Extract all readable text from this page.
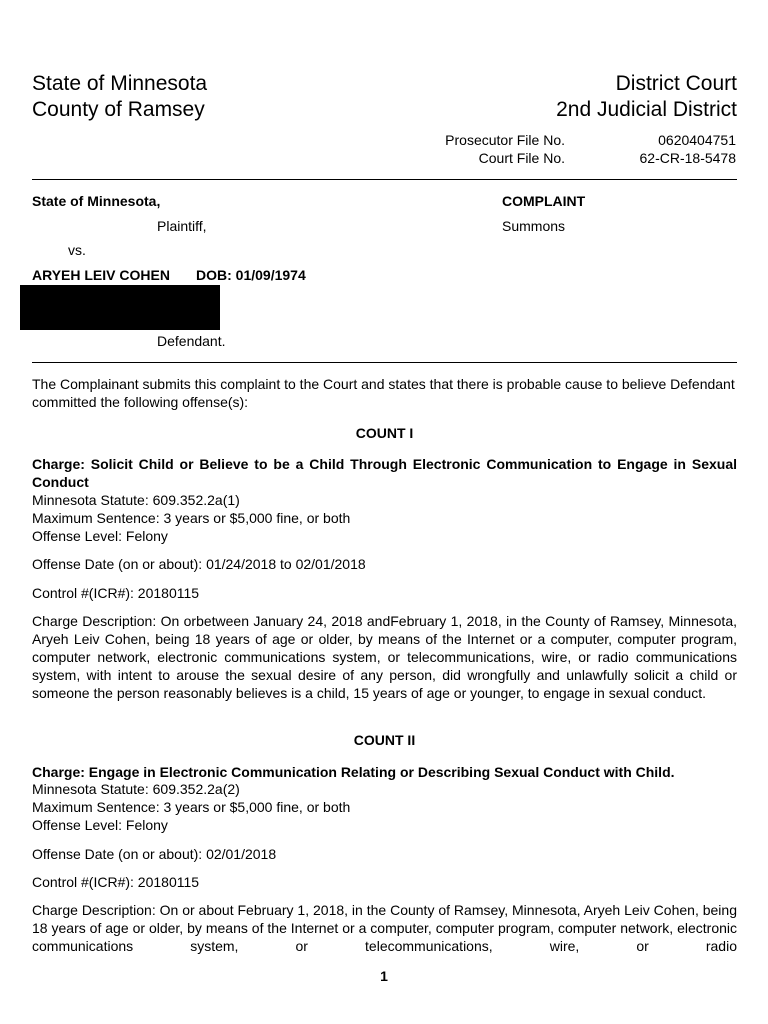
State of Minnesota
County of Ramsey
District Court
2nd Judicial District
Prosecutor File No.	0620404751
Court File No.	62-CR-18-5478
State of Minnesota,
Plaintiff,
vs.
ARYEH LEIV COHEN DOB: 01/09/1974
Defendant.
COMPLAINT
Summons
The Complainant submits this complaint to the Court and states that there is probable cause to believe Defendant committed the following offense(s):
COUNT I
Charge: Solicit Child or Believe to be a Child Through Electronic Communication to Engage in Sexual Conduct
Minnesota Statute: 609.352.2a(1)
Maximum Sentence: 3 years or $5,000 fine, or both
Offense Level: Felony
Offense Date (on or about): 01/24/2018 to 02/01/2018
Control #(ICR#): 20180115
Charge Description: On orbetween January 24, 2018 andFebruary 1, 2018, in the County of Ramsey, Minnesota, Aryeh Leiv Cohen, being 18 years of age or older, by means of the Internet or a computer, computer program, computer network, electronic communications system, or telecommunications, wire, or radio communications system, with intent to arouse the sexual desire of any person, did wrongfully and unlawfully solicit a child or someone the person reasonably believes is a child, 15 years of age or younger, to engage in sexual conduct.
COUNT II
Charge: Engage in Electronic Communication Relating or Describing Sexual Conduct with Child.
Minnesota Statute: 609.352.2a(2)
Maximum Sentence: 3 years or $5,000 fine, or both
Offense Level: Felony
Offense Date (on or about): 02/01/2018
Control #(ICR#): 20180115
Charge Description: On or about February 1, 2018, in the County of Ramsey, Minnesota, Aryeh Leiv Cohen, being 18 years of age or older, by means of the Internet or a computer, computer program, computer network, electronic communications system, or telecommunications, wire, or radio
1
